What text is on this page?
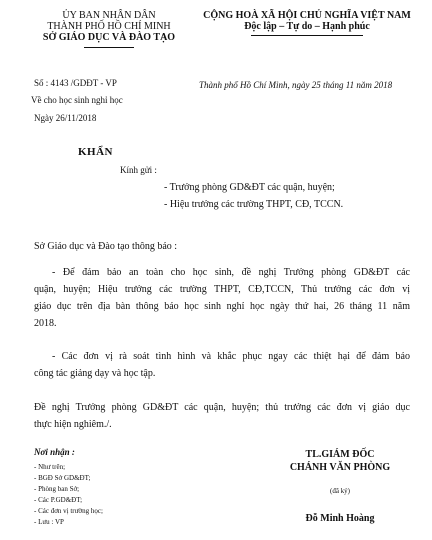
ỦY BAN NHÂN DÂN
THÀNH PHỐ HỒ CHÍ MINH
SỞ GIÁO DỤC VÀ ĐÀO TẠO
Số : 4143 /GDĐT - VP
Về cho học sinh nghỉ học
Ngày 26/11/2018
CỘNG HOÀ XÃ HỘI CHỦ NGHĨA VIỆT NAM
Độc lập – Tự do – Hạnh phúc
Thành phố Hồ Chí Minh, ngày 25 tháng 11 năm 2018
KHẨN
Kính gửi :
- Trưởng phòng GD&ĐT các quận, huyện;
- Hiệu trưởng các trường THPT, CĐ, TCCN.
Sở Giáo dục và Đào tạo thông báo :
- Để đảm bảo an toàn cho học sinh, đề nghị Trưởng phòng GD&ĐT các
quận, huyện; Hiệu trưởng các trường THPT, CĐ,TCCN, Thủ trưởng các đơn vị
giáo dục trên địa bàn thông báo học sinh nghỉ học ngày thứ hai, 26 tháng 11 năm
2018.
- Các đơn vị rà soát tình hình và khắc phục ngay các thiệt hại để đảm bảo
công tác giảng dạy và học tập.
Đề nghị Trưởng phòng GD&ĐT các quận, huyện; thủ trưởng các đơn vị giáo dục
thực hiện nghiêm./.
Nơi nhận :
- Như trên;
- BGĐ Sở GD&ĐT;
- Phòng ban Sở;
- Các P.GD&ĐT;
- Các đơn vị trường học;
- Lưu : VP
TL.GIÁM ĐỐC
CHÁNH VĂN PHÒNG
(đã ký)
Đỗ Minh Hoàng
